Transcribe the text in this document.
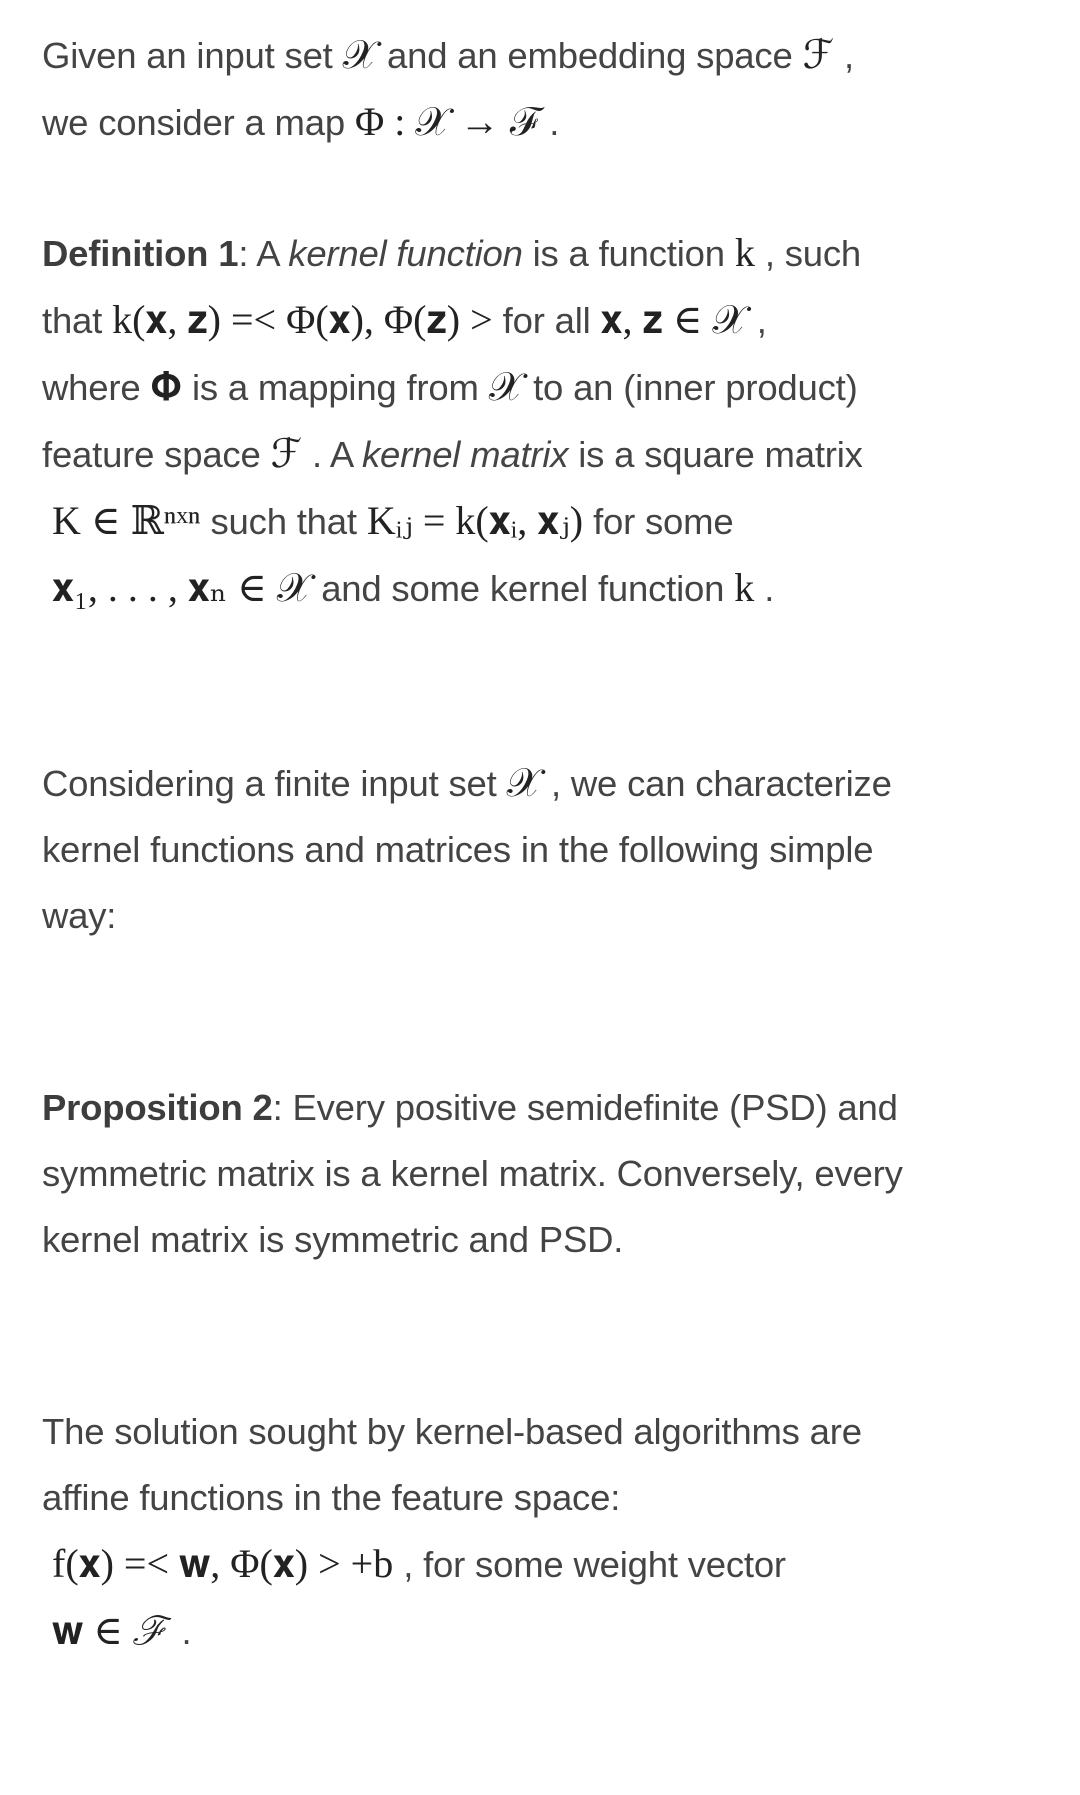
Given an input set 𝒳 and an embedding space ℱ ,
we consider a map Φ : 𝒳 → ℱ .
Definition 1: A kernel function is a function k , such
that k(𝐱, 𝐳) =< Φ(𝐱), Φ(𝐳) > for all 𝐱, 𝐳 ∈ 𝒳 ,
where 𝚽 is a mapping from 𝒳 to an (inner product)
feature space ℱ . A kernel matrix is a square matrix
K ∈ ℝⁿˣⁿ such that Kᵢⱼ = k(𝐱ᵢ, 𝐱ⱼ) for some
𝐱₁, . . . , 𝐱ₙ ∈ 𝒳 and some kernel function k .
Considering a finite input set 𝒳 , we can characterize
kernel functions and matrices in the following simple
way:
Proposition 2: Every positive semidefinite (PSD) and
symmetric matrix is a kernel matrix. Conversely, every
kernel matrix is symmetric and PSD.
The solution sought by kernel-based algorithms are
affine functions in the feature space:
f(𝐱) =< 𝐰, Φ(𝐱) > +b , for some weight vector
𝐰 ∈ ℱ .
